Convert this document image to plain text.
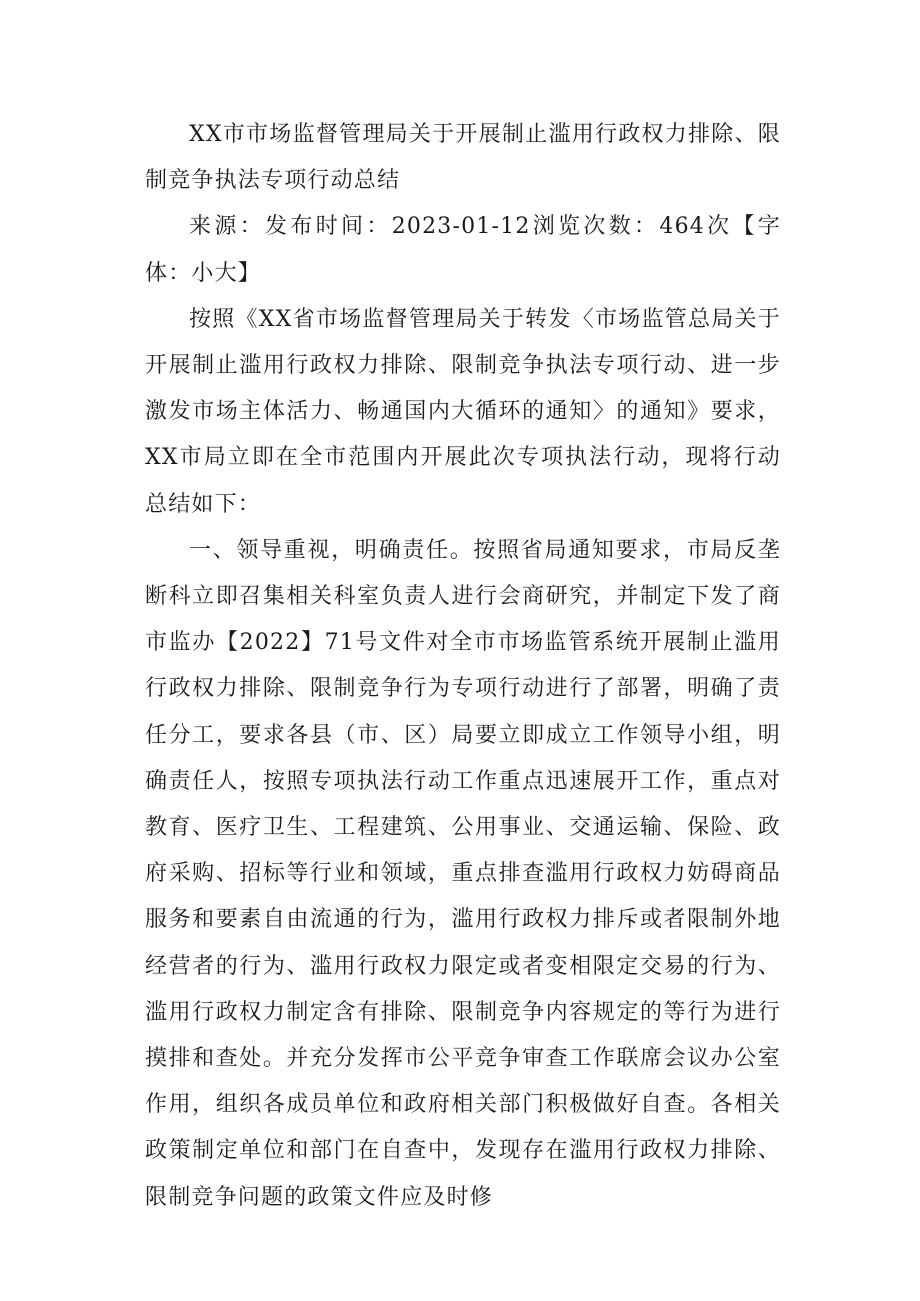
XX市市场监督管理局关于开展制止滥用行政权力排除、限制竞争执法专项行动总结

来源：发布时间：2023-01-12浏览次数：464次【字体：小大】

按照《XX省市场监督管理局关于转发〈市场监管总局关于开展制止滥用行政权力排除、限制竞争执法专项行动、进一步激发市场主体活力、畅通国内大循环的通知〉的通知》要求，XX市局立即在全市范围内开展此次专项执法行动，现将行动总结如下：

一、领导重视，明确责任。按照省局通知要求，市局反垄断科立即召集相关科室负责人进行会商研究，并制定下发了商市监办【2022】71号文件对全市市场监管系统开展制止滥用行政权力排除、限制竞争行为专项行动进行了部署，明确了责任分工，要求各县（市、区）局要立即成立工作领导小组，明确责任人，按照专项执法行动工作重点迅速展开工作，重点对教育、医疗卫生、工程建筑、公用事业、交通运输、保险、政府采购、招标等行业和领域，重点排查滥用行政权力妨碍商品服务和要素自由流通的行为，滥用行政权力排斥或者限制外地经营者的行为、滥用行政权力限定或者变相限定交易的行为、滥用行政权力制定含有排除、限制竞争内容规定的等行为进行摸排和查处。并充分发挥市公平竞争审查工作联席会议办公室作用，组织各成员单位和政府相关部门积极做好自查。各相关政策制定单位和部门在自查中，发现存在滥用行政权力排除、限制竞争问题的政策文件应及时修
